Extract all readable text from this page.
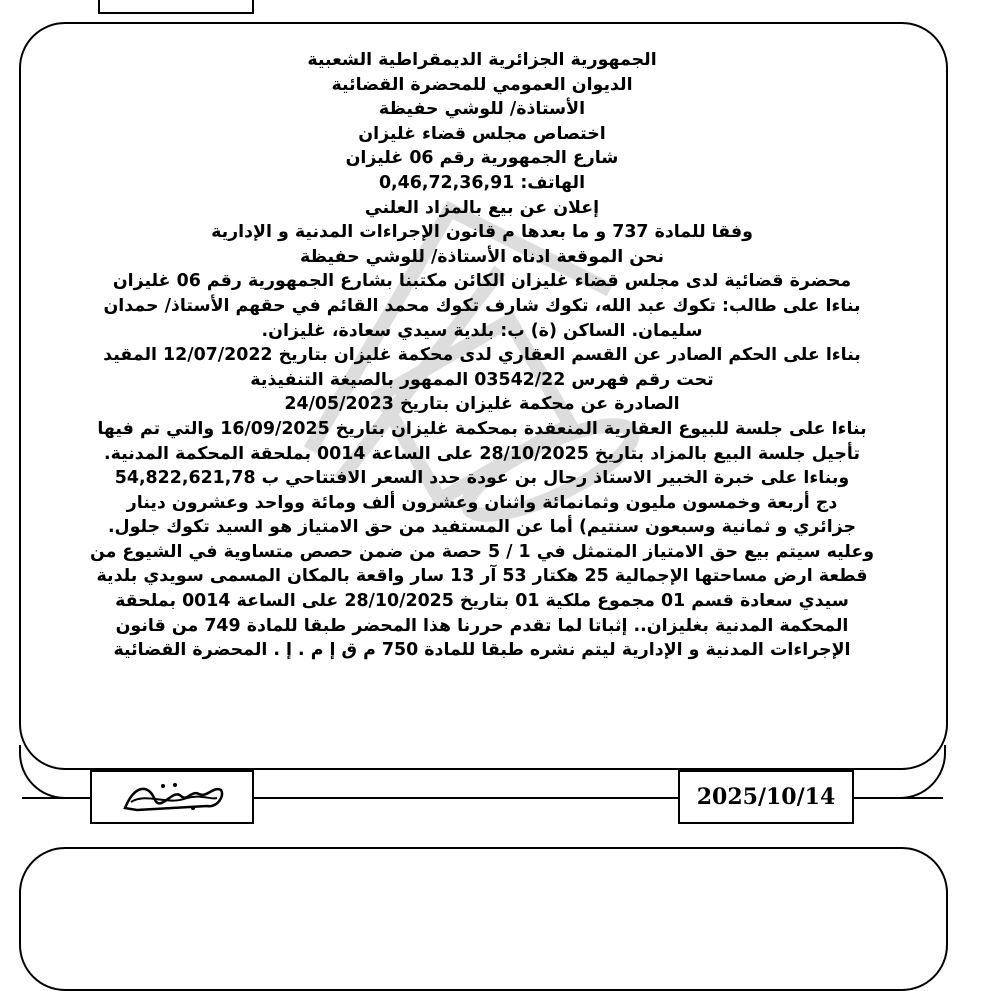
الجمهورية الجزائرية الديمقراطية الشعبية
الديوان العمومي للمحضرة القضائية
الأستاذة/ للوشي حفيظة
اختصاص مجلس قضاء غليزان
شارع الجمهورية رقم 06 غليزان
الهاتف: 0,46,72,36,91
إعلان عن بيع بالمزاد العلني
وفقا للمادة 737 و ما بعدها م قانون الإجراءات المدنية و الإدارية
نحن الموقعة ادناه الأستاذة/ للوشي حفيظة
محضرة قضائية لدى مجلس قضاء غليزان الكائن مكتبنا بشارع الجمهورية رقم 06 غليزان
بناءا على طالب: تكوك عبد الله، تكوك شارف تكوك محمد القائم في حقهم الأستاذ/ حمدان
سليمان. الساكن (ة) ب: بلدية سيدي سعادة، غليزان.
بناءا على الحكم الصادر عن القسم العقاري لدى محكمة غليزان بتاريخ 12/07/2022 المقيد
تحت رقم فهرس 03542/22 الممهور بالصيغة التنفيذية
الصادرة عن محكمة غليزان بتاريخ 24/05/2023
بناءا على جلسة للبيوع العقارية المنعقدة بمحكمة غليزان بتاريخ 16/09/2025 والتي تم فيها
تأجيل جلسة البيع بالمزاد بتاريخ 28/10/2025 على الساعة 0014 بملحقة المحكمة المدنية.
وبناءا على خبرة الخبير الاستاذ رحال بن عودة حدد السعر الافتتاحي ب 54,822,621,78
دج أربعة وخمسون مليون وثمانمائة واثنان وعشرون ألف ومائة وواحد وعشرون دينار
جزائري و ثمانية وسبعون سنتيم) أما عن المستفيد من حق الامتياز هو السيد تكوك جلول.
وعليه سيتم بيع حق الامتياز المتمثل في 1 / 5 حصة من ضمن حصص متساوية في الشيوع من
قطعة ارض مساحتها الإجمالية 25 هكتار 53 آر 13 سار واقعة بالمكان المسمى سويدي بلدية
سيدي سعادة قسم 01 مجموع ملكية 01 بتاريخ 28/10/2025 على الساعة 0014 بملحقة
المحكمة المدنية بغليزان.. إثباتا لما تقدم حررنا هذا المحضر طبقا للمادة 749 من قانون
الإجراءات المدنية و الإدارية ليتم نشره طبقا للمادة 750 م ق إ م . إ . المحضرة القضائية
2025/10/14
